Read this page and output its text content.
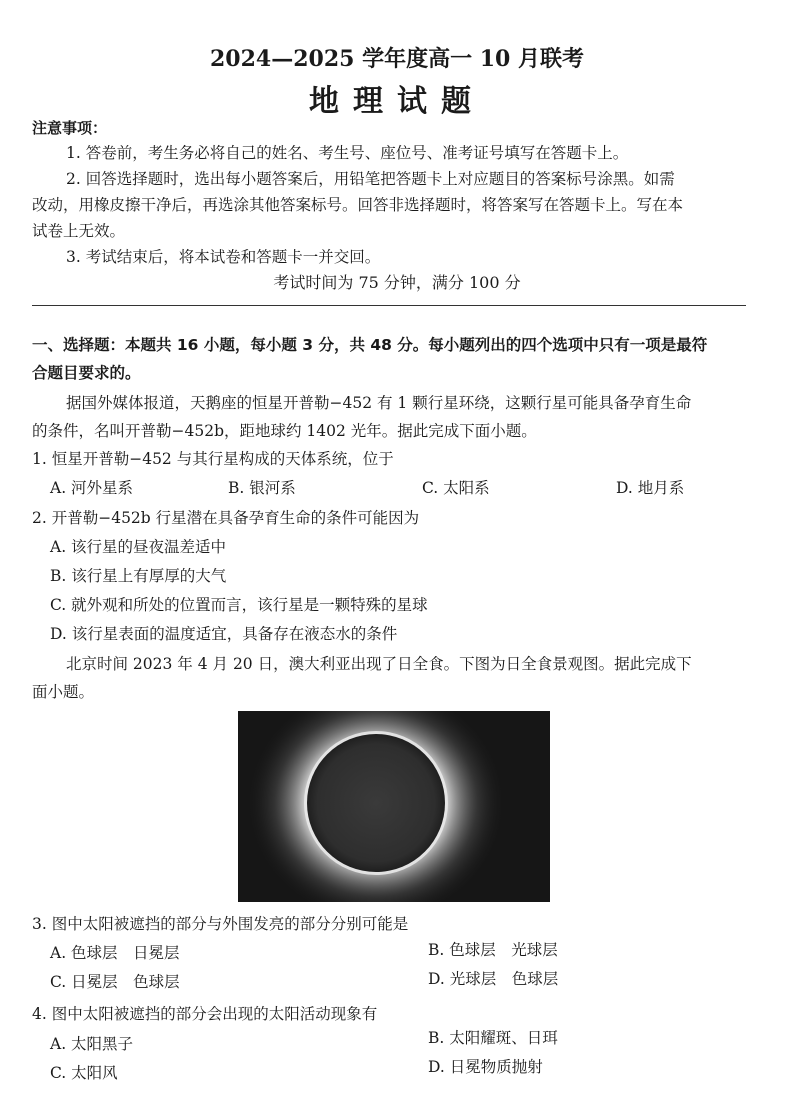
2024—2025 学年度高一 10 月联考
地理试题
注意事项：
1. 答卷前，考生务必将自己的姓名、考生号、座位号、准考证号填写在答题卡上。
2. 回答选择题时，选出每小题答案后，用铅笔把答题卡上对应题目的答案标号涂黑。如需
改动，用橡皮擦干净后，再选涂其他答案标号。回答非选择题时，将答案写在答题卡上。写在本
试卷上无效。
3. 考试结束后，将本试卷和答题卡一并交回。
考试时间为 75 分钟，满分 100 分
一、选择题：本题共 16 小题，每小题 3 分，共 48 分。每小题列出的四个选项中只有一项是最符
合题目要求的。
据国外媒体报道，天鹅座的恒星开普勒−452 有 1 颗行星环绕，这颗行星可能具备孕育生命
的条件，名叫开普勒−452b，距地球约 1402 光年。据此完成下面小题。
1. 恒星开普勒−452 与其行星构成的天体系统，位于
A. 河外星系	B. 银河系	C. 太阳系	D. 地月系
2. 开普勒−452b 行星潜在具备孕育生命的条件可能因为
A. 该行星的昼夜温差适中
B. 该行星上有厚厚的大气
C. 就外观和所处的位置而言，该行星是一颗特殊的星球
D. 该行星表面的温度适宜，具备存在液态水的条件
北京时间 2023 年 4 月 20 日，澳大利亚出现了日全食。下图为日全食景观图。据此完成下
面小题。
3. 图中太阳被遮挡的部分与外围发亮的部分分别可能是
A. 色球层　日冕层	B. 色球层　光球层
C. 日冕层　色球层	D. 光球层　色球层
4. 图中太阳被遮挡的部分会出现的太阳活动现象有
A. 太阳黑子	B. 太阳耀斑、日珥
C. 太阳风	D. 日冕物质抛射
